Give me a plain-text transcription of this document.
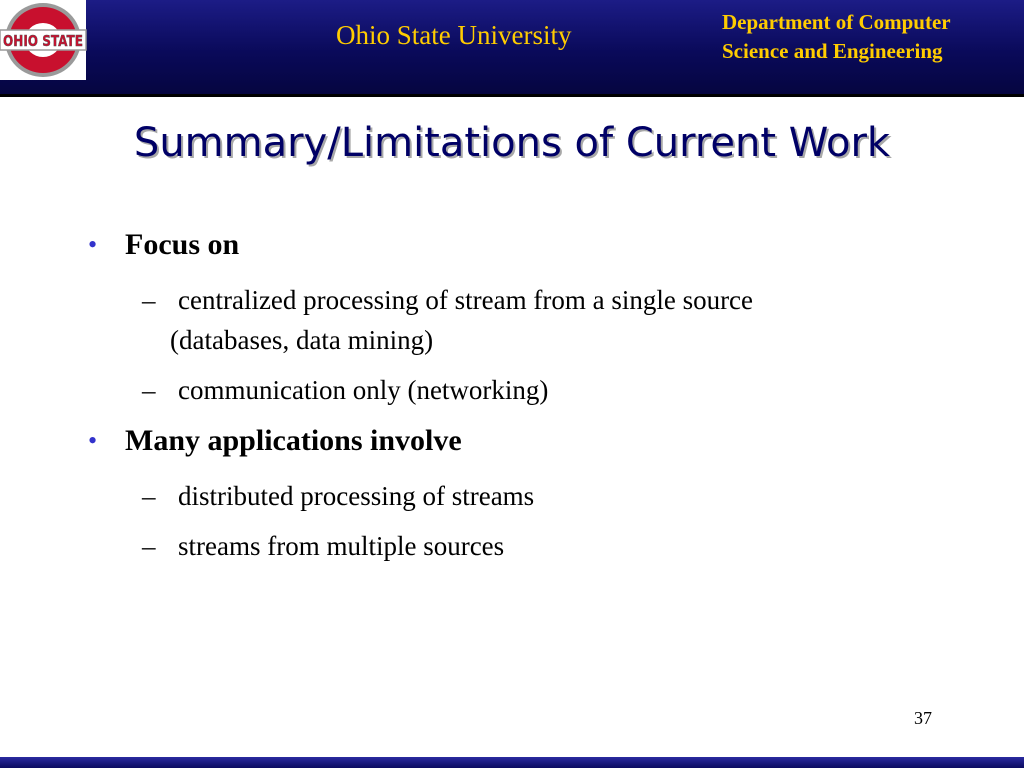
OHIO STATE	Ohio State University	Department of Computer
Science and Engineering
Summary/Limitations of Current Work
• Focus on
– centralized processing of stream from a single source
(databases, data mining)
– communication only (networking)
• Many applications involve
– distributed processing of streams
– streams from multiple sources
37
